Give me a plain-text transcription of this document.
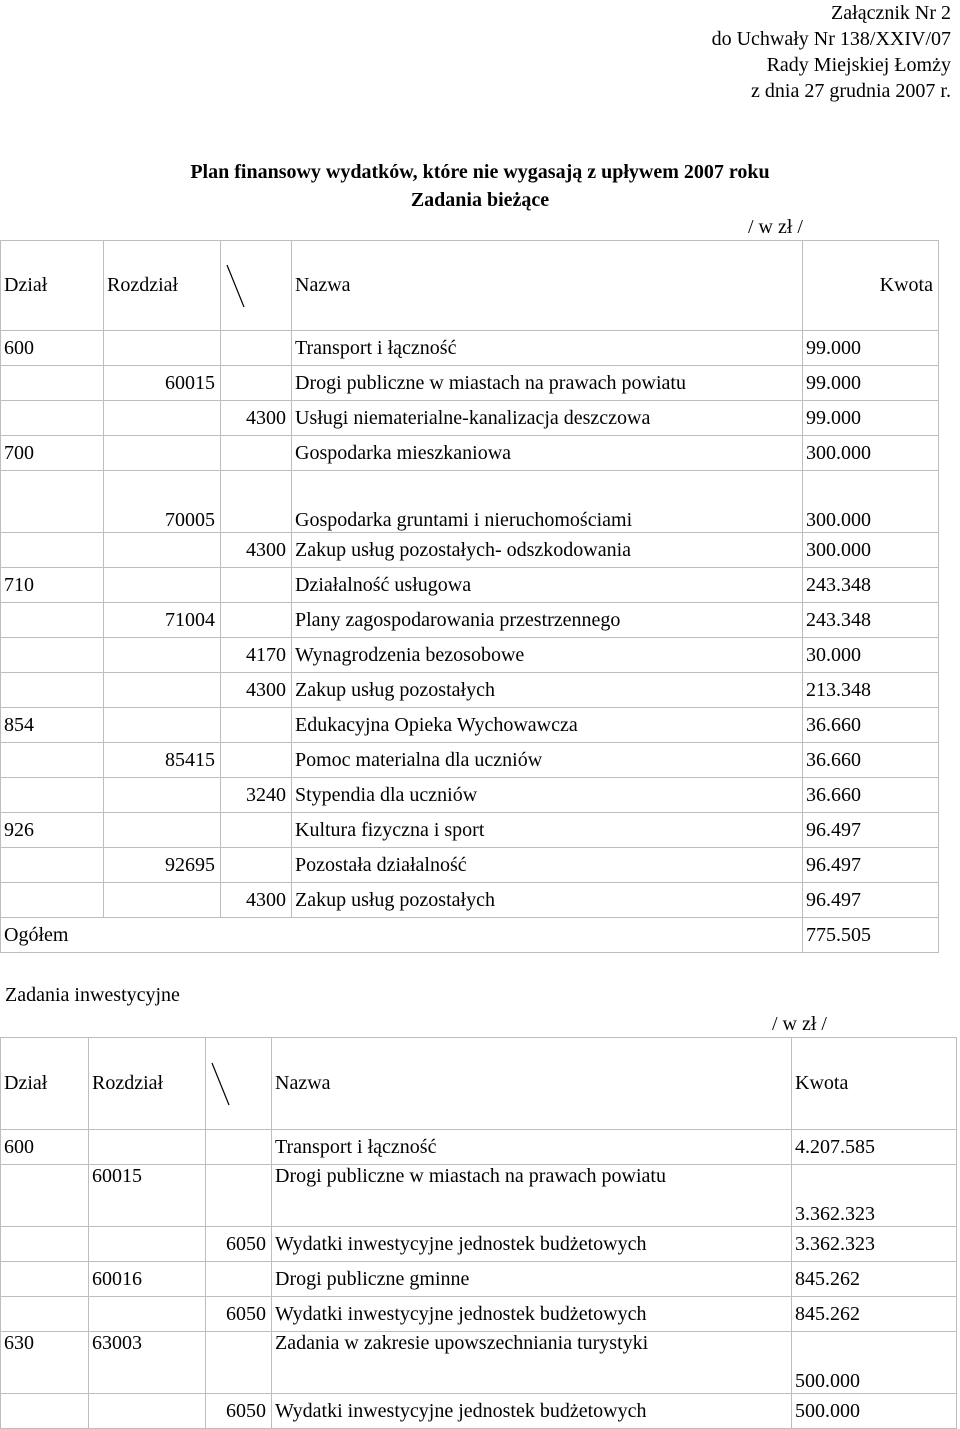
Załącznik Nr 2
do Uchwały Nr 138/XXIV/07
Rady Miejskiej Łomży
z dnia 27 grudnia 2007 r.
Plan finansowy wydatków, które nie wygasają z upływem 2007 roku
Zadania bieżące
/ w zł /
Dział	Rozdział		Nazwa	Kwota
600			Transport i łączność	99.000
	60015		Drogi publiczne w miastach na prawach powiatu	99.000
		4300	Usługi niematerialne-kanalizacja deszczowa	99.000
700			Gospodarka mieszkaniowa	300.000
	70005		Gospodarka gruntami i nieruchomościami	300.000
		4300	Zakup usług pozostałych- odszkodowania	300.000
710			Działalność usługowa	243.348
	71004		Plany zagospodarowania przestrzennego	243.348
		4170	Wynagrodzenia bezosobowe	30.000
		4300	Zakup usług pozostałych	213.348
854			Edukacyjna Opieka Wychowawcza	36.660
	85415		Pomoc materialna dla uczniów	36.660
		3240	Stypendia dla uczniów	36.660
926			Kultura fizyczna i sport	96.497
	92695		Pozostała działalność	96.497
		4300	Zakup usług pozostałych	96.497
Ogółem				775.505
Zadania inwestycyjne
/ w zł /
Dział	Rozdział		Nazwa	Kwota
600			Transport i łączność	4.207.585
	60015		Drogi publiczne w miastach na prawach powiatu	3.362.323
		6050	Wydatki inwestycyjne jednostek budżetowych	3.362.323
	60016		Drogi publiczne gminne	845.262
		6050	Wydatki inwestycyjne jednostek budżetowych	845.262
630	63003		Zadania w zakresie upowszechniania turystyki	500.000
		6050	Wydatki inwestycyjne jednostek budżetowych	500.000
